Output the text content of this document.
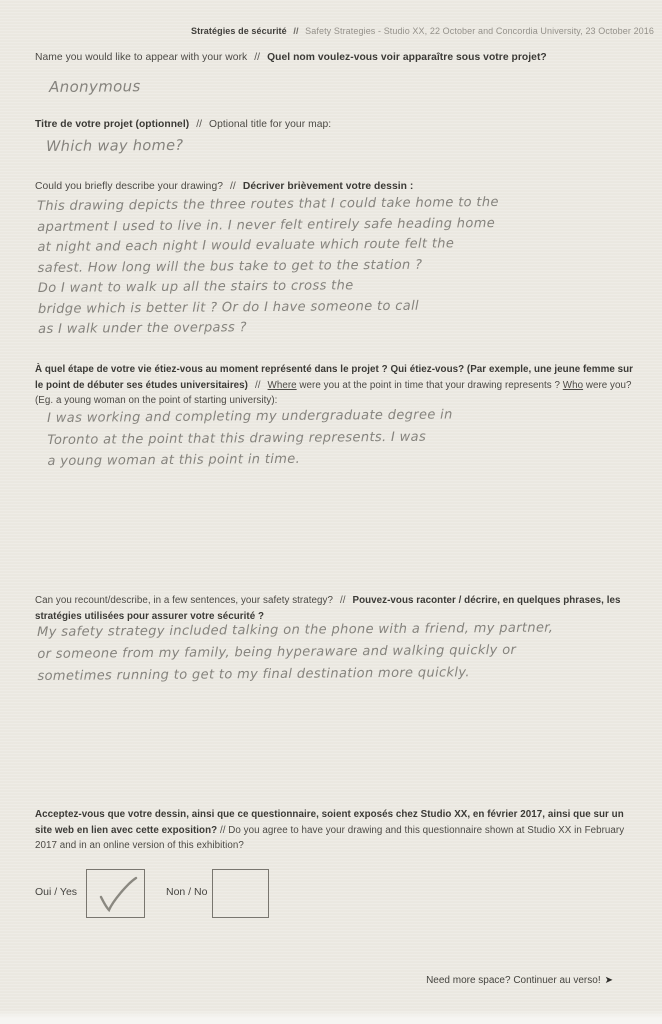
Stratégies de sécurité // Safety Strategies - Studio XX, 22 October and Concordia University, 23 October 2016
Name you would like to appear with your work // Quel nom voulez-vous voir apparaître sous votre projet?
Anonymous
Titre de votre projet (optionnel) // Optional title for your map:
Which way home?
Could you briefly describe your drawing? // Décriver brièvement votre dessin :
This drawing depicts the three routes that I could take home to the
apartment I used to live in. I never felt entirely safe heading home
at night and each night I would evaluate which route felt the
safest. How long will the bus take to get to the station ?
Do I want to walk up all the stairs to cross the
bridge which is better lit ? Or do I have someone to call
as I walk under the overpass ?
À quel étape de votre vie étiez-vous au moment représenté dans le projet ? Qui étiez-vous? (Par exemple, une jeune femme sur le point de débuter ses études universitaires) // Where were you at the point in time that your drawing represents ? Who were you? (Eg. a young woman on the point of starting university):
I was working and completing my undergraduate degree in
Toronto at the point that this drawing represents. I was
a young woman at this point in time.
Can you recount/describe, in a few sentences, your safety strategy? // Pouvez-vous raconter / décrire, en quelques phrases, les stratégies utilisées pour assurer votre sécurité ?
My safety strategy included talking on the phone with a friend, my partner,
or someone from my family, being hyperaware and walking quickly or
sometimes running to get to my final destination more quickly.
Acceptez-vous que votre dessin, ainsi que ce questionnaire, soient exposés chez Studio XX, en février 2017, ainsi que sur un site web en lien avec cette exposition? // Do you agree to have your drawing and this questionnaire shown at Studio XX in February 2017 and in an online version of this exhibition?
Oui / Yes	Non / No
Need more space? Continuer au verso! ➤
